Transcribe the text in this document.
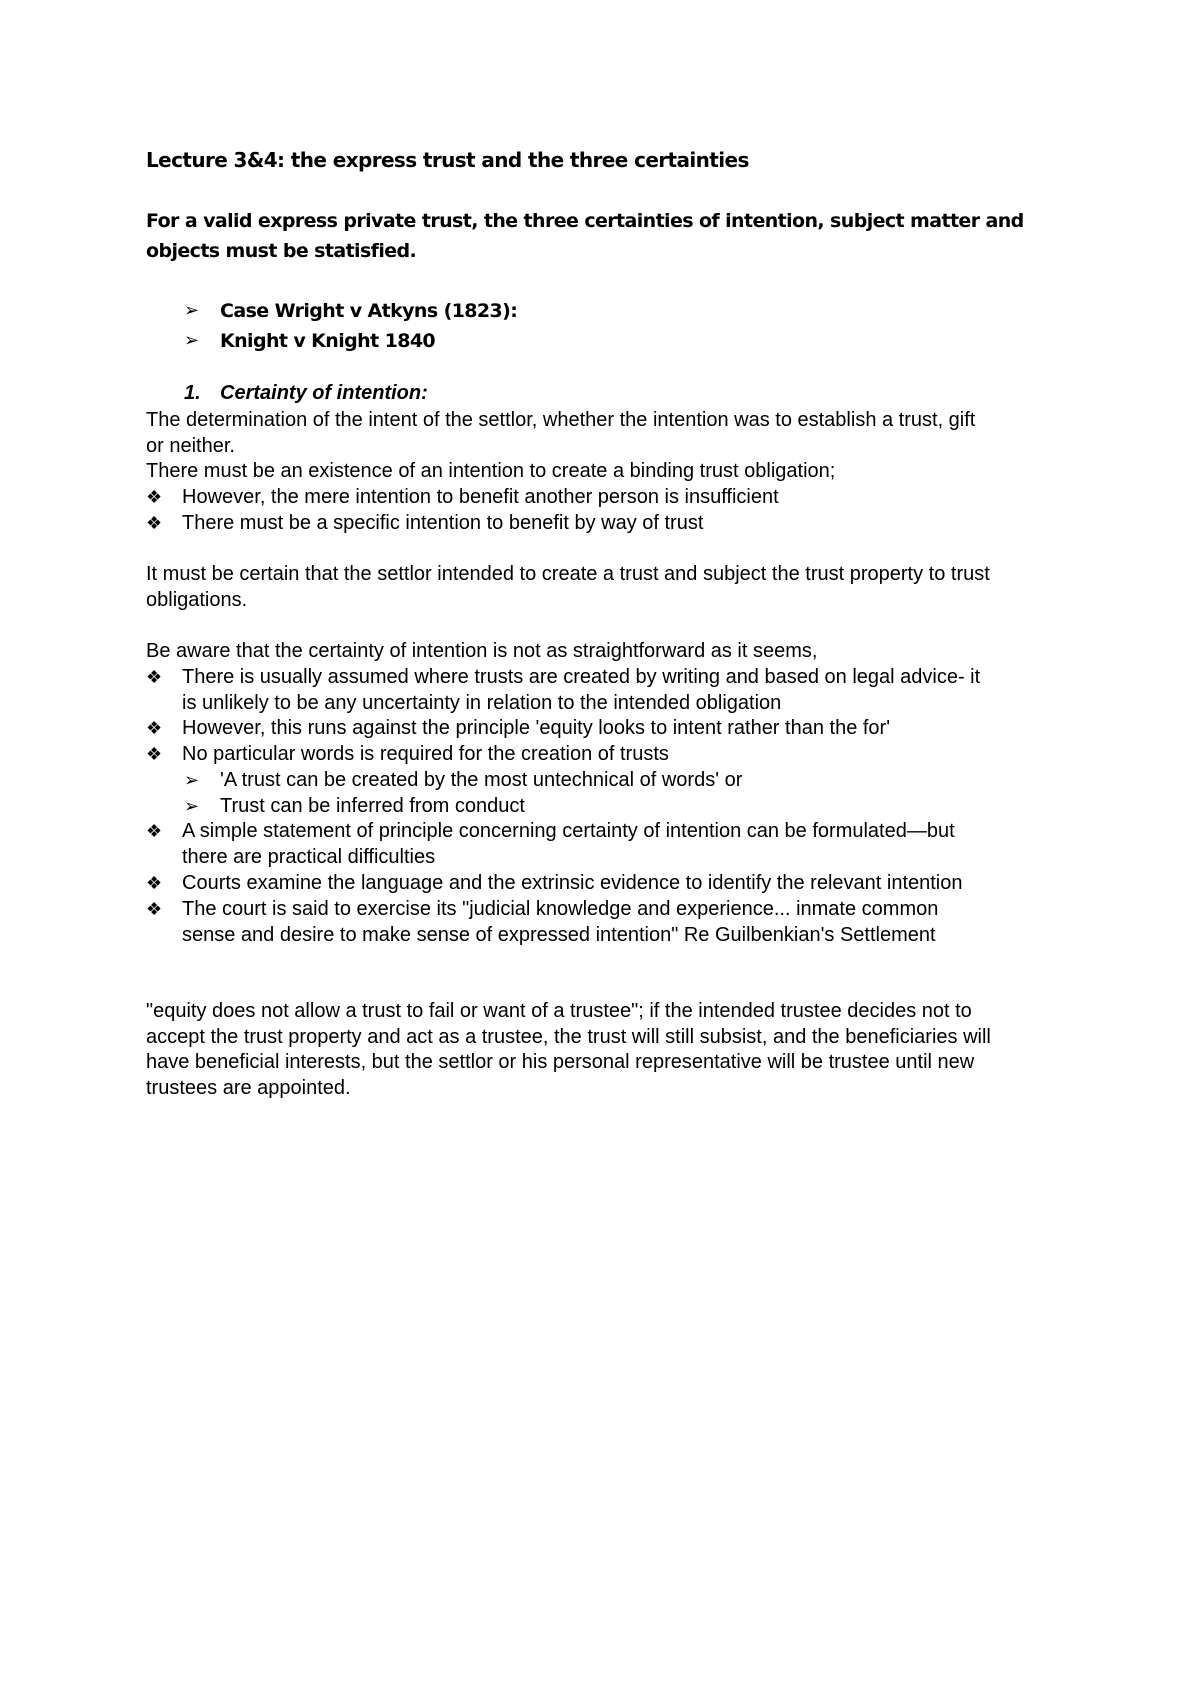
Lecture 3&4: the express trust and the three certainties
For a valid express private trust, the three certainties of intention, subject matter and
objects must be statisfied.
➢	Case Wright v Atkyns (1823):
➢	Knight v Knight 1840
1. Certainty of intention:
The determination of the intent of the settlor, whether the intention was to establish a trust, gift
or neither.
There must be an existence of an intention to create a binding trust obligation;
❖ However, the mere intention to benefit another person is insufficient
❖ There must be a specific intention to benefit by way of trust
It must be certain that the settlor intended to create a trust and subject the trust property to trust
obligations.
Be aware that the certainty of intention is not as straightforward as it seems,
❖ There is usually assumed where trusts are created by writing and based on legal advice- it
is unlikely to be any uncertainty in relation to the intended obligation
❖ However, this runs against the principle 'equity looks to intent rather than the for'
❖ No particular words is required for the creation of trusts
➢	'A trust can be created by the most untechnical of words' or
➢	Trust can be inferred from conduct
❖ A simple statement of principle concerning certainty of intention can be formulated—but
there are practical difficulties
❖ Courts examine the language and the extrinsic evidence to identify the relevant intention
❖ The court is said to exercise its "judicial knowledge and experience... inmate common
sense and desire to make sense of expressed intention" Re Guilbenkian's Settlement
"equity does not allow a trust to fail or want of a trustee"; if the intended trustee decides not to
accept the trust property and act as a trustee, the trust will still subsist, and the beneficiaries will
have beneficial interests, but the settlor or his personal representative will be trustee until new
trustees are appointed.
